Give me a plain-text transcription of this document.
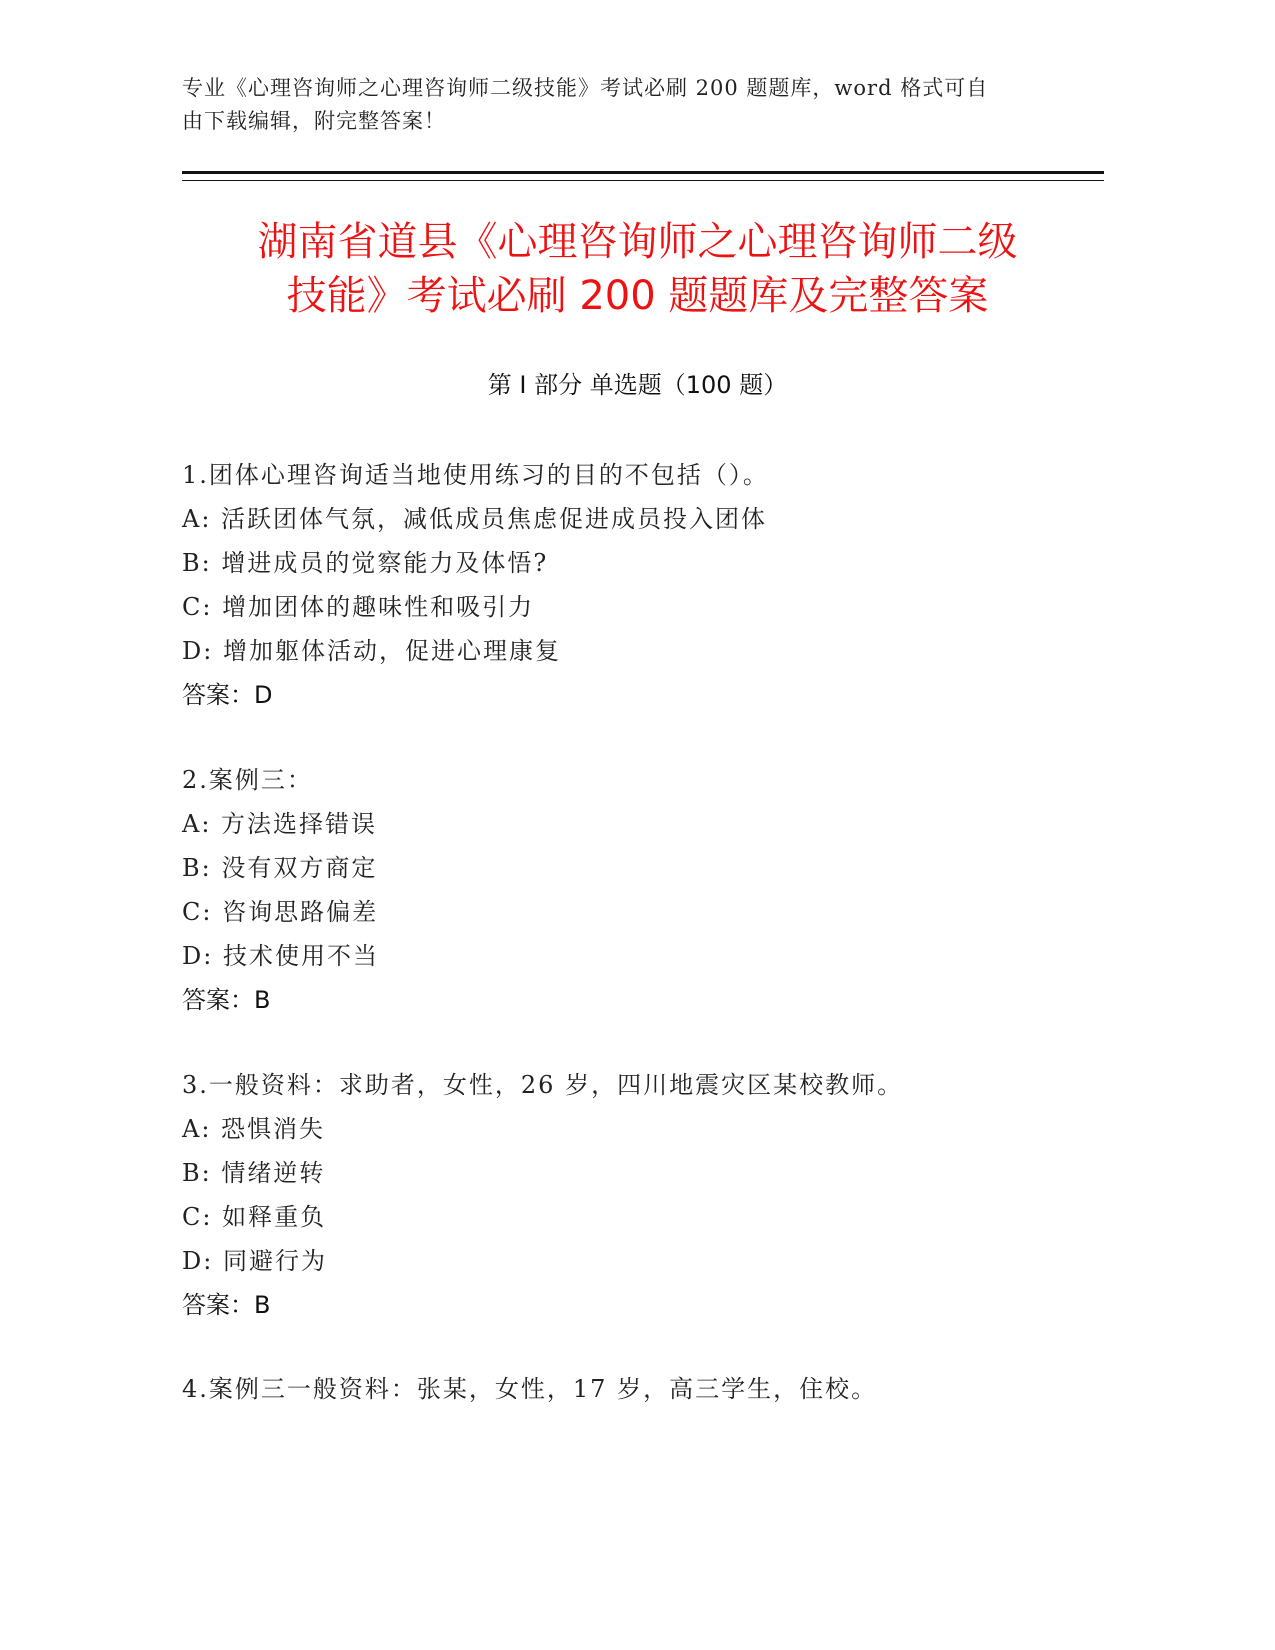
专业《心理咨询师之心理咨询师二级技能》考试必刷 200 题题库，word 格式可自
由下载编辑，附完整答案！
湖南省道县《心理咨询师之心理咨询师二级
技能》考试必刷 200 题题库及完整答案
第 I 部分 单选题（100 题）
1.团体心理咨询适当地使用练习的目的不包括（）。
A: 活跃团体气氛，减低成员焦虑促进成员投入团体
B: 增进成员的觉察能力及体悟?
C: 增加团体的趣味性和吸引力
D: 增加躯体活动，促进心理康复
答案：D
2.案例三：
A: 方法选择错误
B: 没有双方商定
C: 咨询思路偏差
D: 技术使用不当
答案：B
3.一般资料：求助者，女性，26 岁，四川地震灾区某校教师。
A: 恐惧消失
B: 情绪逆转
C: 如释重负
D: 同避行为
答案：B
4.案例三一般资料：张某，女性，17 岁，高三学生，住校。
